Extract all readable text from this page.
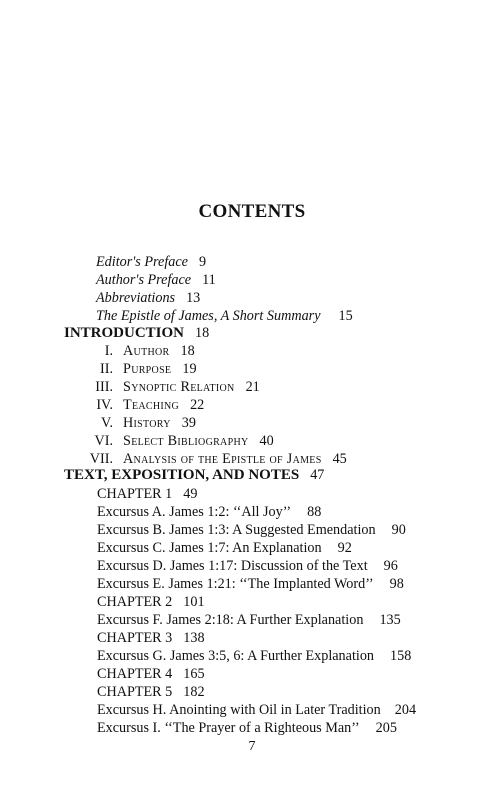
CONTENTS
Editor's Preface 9
Author's Preface 11
Abbreviations 13
The Epistle of James, A Short Summary 15
INTRODUCTION 18
I. Author 18
II. Purpose 19
III. Synoptic Relation 21
IV. Teaching 22
V. History 39
VI. Select Bibliography 40
VII. Analysis of the Epistle of James 45
TEXT, EXPOSITION, AND NOTES 47
CHAPTER 1 49
Excursus A. James 1:2: ‘‘All Joy’’ 88
Excursus B. James 1:3: A Suggested Emendation 90
Excursus C. James 1:7: An Explanation 92
Excursus D. James 1:17: Discussion of the Text 96
Excursus E. James 1:21: ‘‘The Implanted Word’’ 98
CHAPTER 2 101
Excursus F. James 2:18: A Further Explanation 135
CHAPTER 3 138
Excursus G. James 3:5, 6: A Further Explanation 158
CHAPTER 4 165
CHAPTER 5 182
Excursus H. Anointing with Oil in Later Tradition 204
Excursus I. ‘‘The Prayer of a Righteous Man’’ 205
7
